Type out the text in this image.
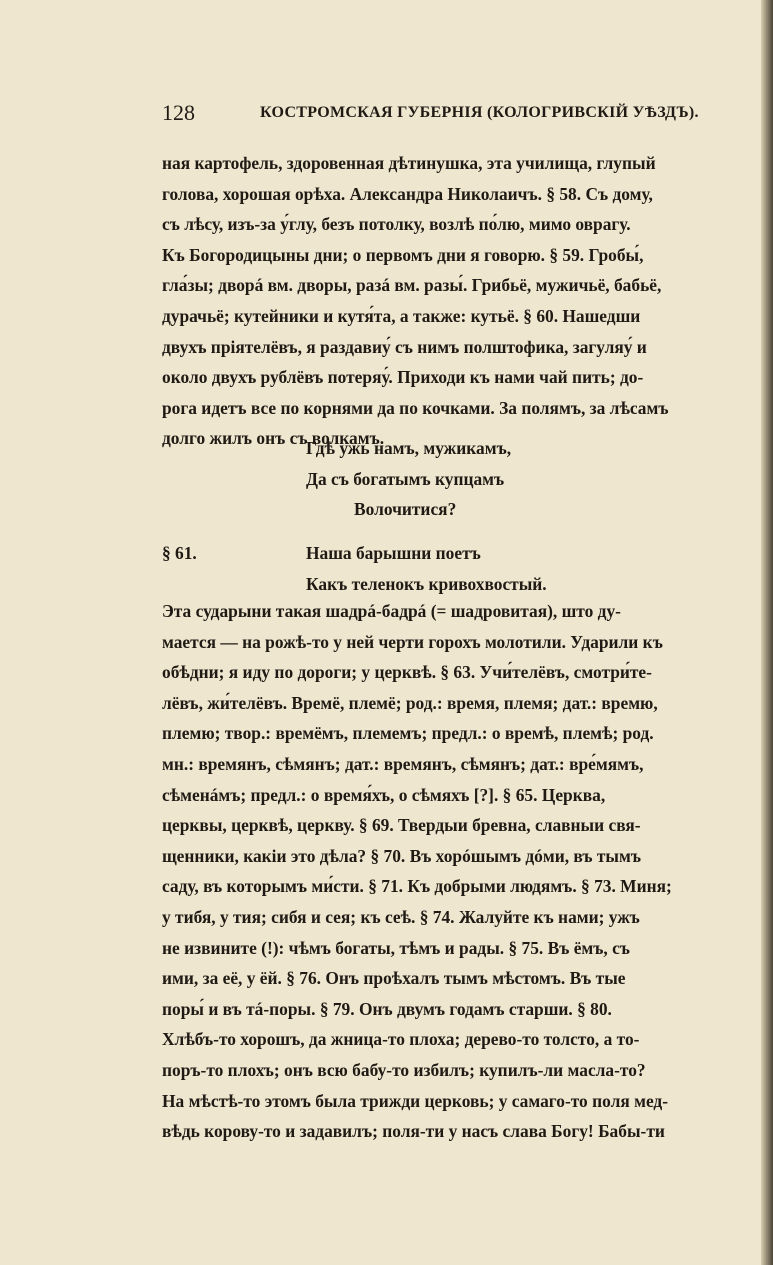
128	КОСТРОМСКАЯ ГУБЕРНІЯ (КОЛОГРИВСКІЙ УѢЗДЪ).
ная картофель, здоровенная дѣтинушка, эта училища, глупый
голова, хорошая орѣха. Александра Николаичъ. § 58. Съ дому,
съ лѣсу, изъ-за у́глу, безъ потолку, возлѣ по́лю, мимо оврагу.
Къ Богородицыны дни; о первомъ дни я говорю. § 59. Гробы́,
гла́зы; дворá вм. дворы, разá вм. разы́. Грибьё, мужичьё, бабьё,
дурачьё; кутейники и кутя́та, а также: кутьё. § 60. Нашедши
двухъ пріятелёвъ, я раздавиу́ съ нимъ полштофика, загуляу́ и
около двухъ рублёвъ потеряу́. Приходи къ нами чай пить; до-
рога идетъ все по корнями да по кочками. За полямъ, за лѣсамъ
долго жилъ онъ съ волкамъ.
Гдѣ ужь намъ, мужикамъ,
Да съ богатымъ купцамъ
Волочитися?
§ 61.	Наша барышни поетъ
Какъ теленокъ кривохвостый.
Эта сударыни такая шадрá-бадрá (= шадровитая), што ду-
мается — на рожѣ-то у ней черти горохъ молотили. Ударили къ
обѣдни; я иду по дороги; у церквѣ. § 63. Учи́телёвъ, смотри́те-
лёвъ, жи́телёвъ. Времё, племё; род.: время, племя; дат.: времю,
племю; твор.: времёмъ, племемъ; предл.: о времѣ, племѣ; род.
мн.: времянъ, сѣмянъ; дат.: времянъ, сѣмянъ; дат.: вре́мямъ,
сѣменáмъ; предл.: о время́хъ, о сѣмяхъ [?]. § 65. Церква,
церквы, церквѣ, церкву. § 69. Твердыи бревна, славныи свя-
щенники, какіи это дѣла? § 70. Въ хорóшымъ дóми, въ тымъ
саду, въ которымъ ми́сти. § 71. Къ добрыми людямъ. § 73. Миня;
у тибя, у тия; сибя и сея; къ сеѣ. § 74. Жалуйте къ нами; ужъ
не извините (!): чѣмъ богаты, тѣмъ и рады. § 75. Въ ёмъ, съ
ими, за её, у ёй. § 76. Онъ проѣхалъ тымъ мѣстомъ. Въ тые
поры́ и въ тá-поры. § 79. Онъ двумъ годамъ старши. § 80.
Хлѣбъ-то хорошъ, да жница-то плоха; дерево-то толсто, а то-
поръ-то плохъ; онъ всю бабу-то избилъ; купилъ-ли масла-то?
На мѣстѣ-то этомъ была трижди церковь; у самаго-то поля мед-
вѣдь корову-то и задавилъ; поля-ти у насъ слава Богу! Бабы-ти
